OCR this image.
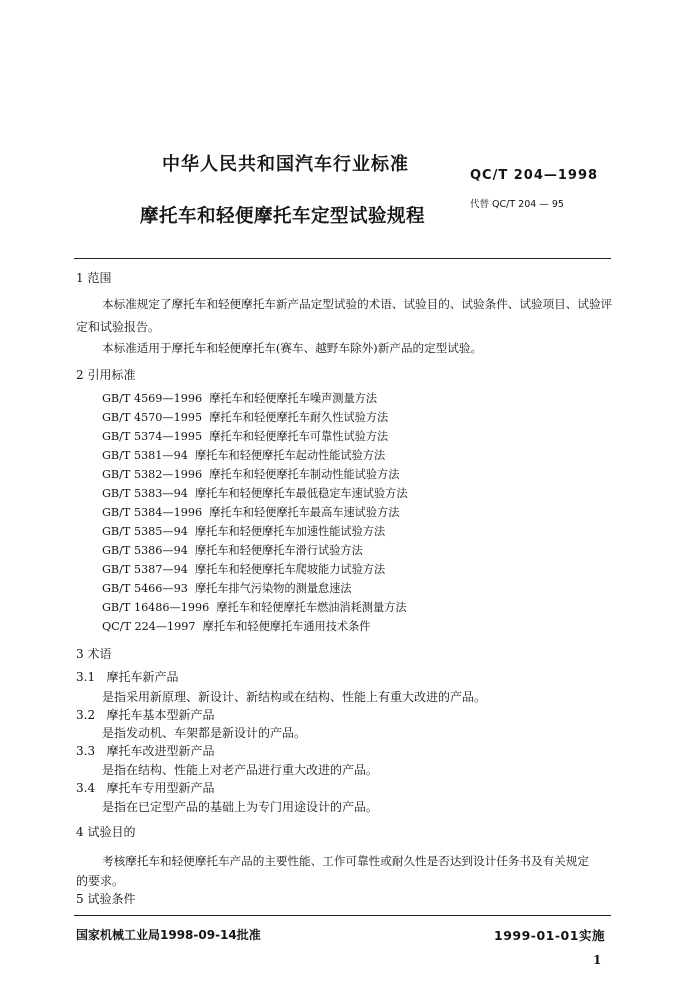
中华人民共和国汽车行业标准
QC/T 204—1998
摩托车和轻便摩托车定型试验规程
代替 QC/T 204 — 95
1 范围
本标准规定了摩托车和轻便摩托车新产品定型试验的术语、试验目的、试验条件、试验项目、试验评
定和试验报告。
本标准适用于摩托车和轻便摩托车(赛车、越野车除外)新产品的定型试验。
2 引用标准
GB/T 4569—1996 摩托车和轻便摩托车噪声测量方法
GB/T 4570—1995 摩托车和轻便摩托车耐久性试验方法
GB/T 5374—1995 摩托车和轻便摩托车可靠性试验方法
GB/T 5381—94 摩托车和轻便摩托车起动性能试验方法
GB/T 5382—1996 摩托车和轻便摩托车制动性能试验方法
GB/T 5383—94 摩托车和轻便摩托车最低稳定车速试验方法
GB/T 5384—1996 摩托车和轻便摩托车最高车速试验方法
GB/T 5385—94 摩托车和轻便摩托车加速性能试验方法
GB/T 5386—94 摩托车和轻便摩托车滑行试验方法
GB/T 5387—94 摩托车和轻便摩托车爬坡能力试验方法
GB/T 5466—93 摩托车排气污染物的测量怠速法
GB/T 16486—1996 摩托车和轻便摩托车燃油消耗测量方法
QC/T 224—1997 摩托车和轻便摩托车通用技术条件
3 术语
3.1 摩托车新产品
是指采用新原理、新设计、新结构或在结构、性能上有重大改进的产品。
3.2 摩托车基本型新产品
是指发动机、车架都是新设计的产品。
3.3 摩托车改进型新产品
是指在结构、性能上对老产品进行重大改进的产品。
3.4 摩托车专用型新产品
是指在已定型产品的基础上为专门用途设计的产品。
4 试验目的
考核摩托车和轻便摩托车产品的主要性能、工作可靠性或耐久性是否达到设计任务书及有关规定
的要求。
5 试验条件
国家机械工业局1998-09-14批准	1999-01-01实施
1
